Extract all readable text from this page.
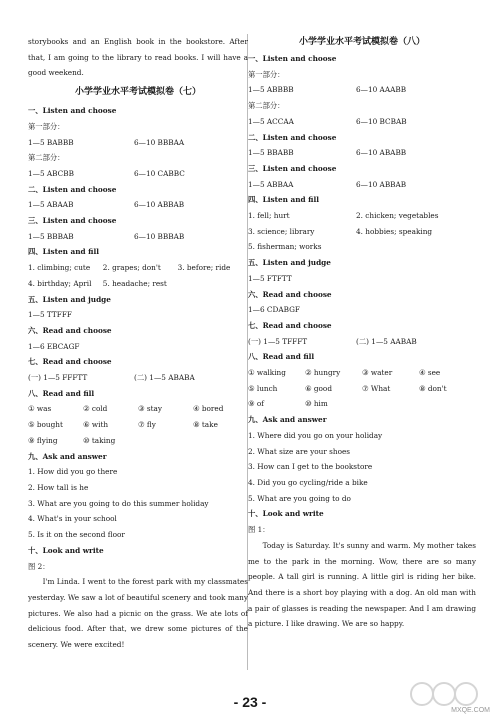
storybooks and an English book in the bookstore. After that, I am going to the library to read books. I will have a good weekend.
小学学业水平考试模拟卷（七）
一、Listen and choose
第一部分：
1—5 BABBB	6—10 BBBAA
第二部分：
1—5 ABCBB	6—10 CABBC
二、Listen and choose
1—5 ABAAB	6—10 ABBAB
三、Listen and choose
1—5 BBBAB	6—10 BBBAB
四、Listen and fill
1. climbing; cute	2. grapes; don't	3. before; ride
4. birthday; April	5. headache; rest
五、Listen and judge
1—5 TTFFF
六、Read and choose
1—6 EBCAGF
七、Read and choose
(一) 1—5 FFFTT	(二) 1—5 ABABA
八、Read and fill
① was	② cold	③ stay	④ bored
⑤ bought	⑥ with	⑦ fly	⑧ take
⑨ flying	⑩ taking
九、Ask and answer
1. How did you go there
2. How tall is he
3. What are you going to do this summer holiday
4. What's in your school
5. Is it on the second floor
十、Look and write
图 2：
I'm Linda. I went to the forest park with my classmates yesterday. We saw a lot of beautiful scenery and took many pictures. We also had a picnic on the grass. We ate lots of delicious food. After that, we drew some pictures of the scenery. We were excited!
小学学业水平考试模拟卷（八）
一、Listen and choose
第一部分：
1—5 ABBBB	6—10 AAABB
第二部分：
1—5 ACCAA	6—10 BCBAB
二、Listen and choose
1—5 BBABB	6—10 ABABB
三、Listen and choose
1—5 ABBAA	6—10 ABBAB
四、Listen and fill
1. fell; hurt	2. chicken; vegetables
3. science; library	4. hobbies; speaking
5. fisherman; works
五、Listen and judge
1—5 FTFTT
六、Read and choose
1—6 CDABGF
七、Read and choose
(一) 1—5 TFFFT	(二) 1—5 AABAB
八、Read and fill
① walking	② hungry	③ water	④ see
⑤ lunch	⑥ good	⑦ What	⑧ don't
⑨ of	⑩ him
九、Ask and answer
1. Where did you go on your holiday
2. What size are your shoes
3. How can I get to the bookstore
4. Did you go cycling/ride a bike
5. What are you going to do
十、Look and write
图 1：
Today is Saturday. It's sunny and warm. My mother takes me to the park in the morning. Wow, there are so many people. A tall girl is running. A little girl is riding her bike. And there is a short boy playing with a dog. An old man with a pair of glasses is reading the newspaper. And I am drawing a picture. I like drawing. We are so happy.
- 23 -
MXQE.COM
